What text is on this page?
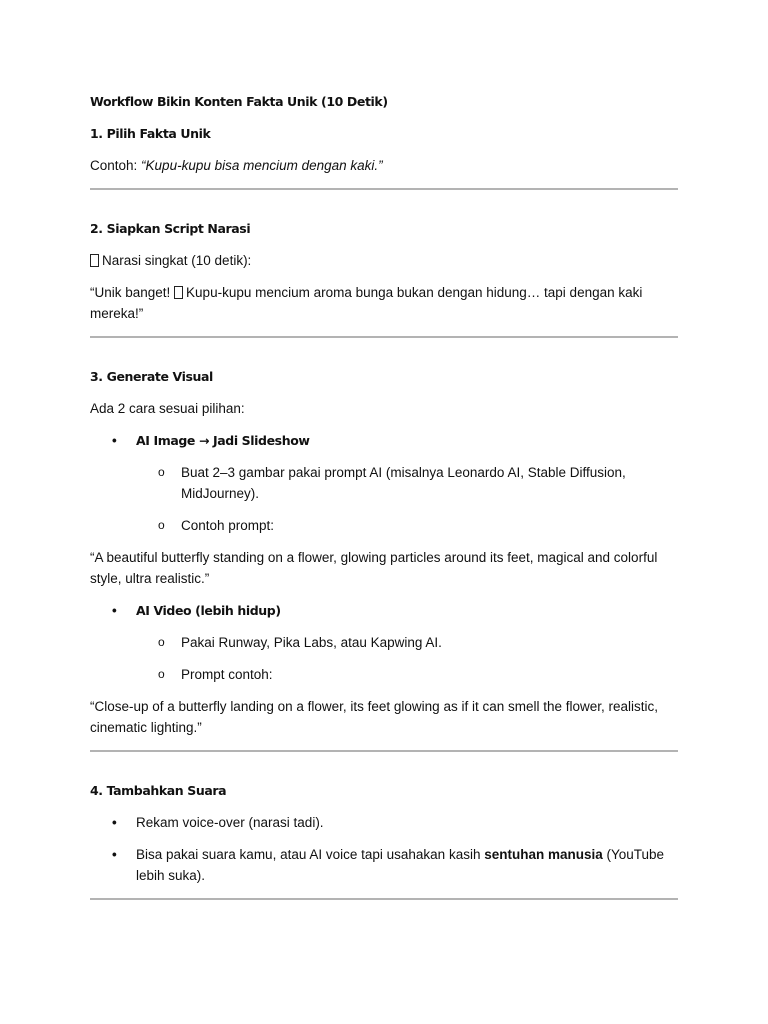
Workflow Bikin Konten Fakta Unik (10 Detik)

1. Pilih Fakta Unik

Contoh: “Kupu-kupu bisa mencium dengan kaki.”

2. Siapkan Script Narasi

Narasi singkat (10 detik):

“Unik banget! Kupu-kupu mencium aroma bunga bukan dengan hidung… tapi dengan kaki mereka!”

3. Generate Visual

Ada 2 cara sesuai pilihan:

• AI Image → Jadi Slideshow
o Buat 2–3 gambar pakai prompt AI (misalnya Leonardo AI, Stable Diffusion, MidJourney).
o Contoh prompt:

“A beautiful butterfly standing on a flower, glowing particles around its feet, magical and colorful style, ultra realistic.”

• AI Video (lebih hidup)
o Pakai Runway, Pika Labs, atau Kapwing AI.
o Prompt contoh:

“Close-up of a butterfly landing on a flower, its feet glowing as if it can smell the flower, realistic, cinematic lighting.”

4. Tambahkan Suara

• Rekam voice-over (narasi tadi).
• Bisa pakai suara kamu, atau AI voice tapi usahakan kasih sentuhan manusia (YouTube lebih suka).
